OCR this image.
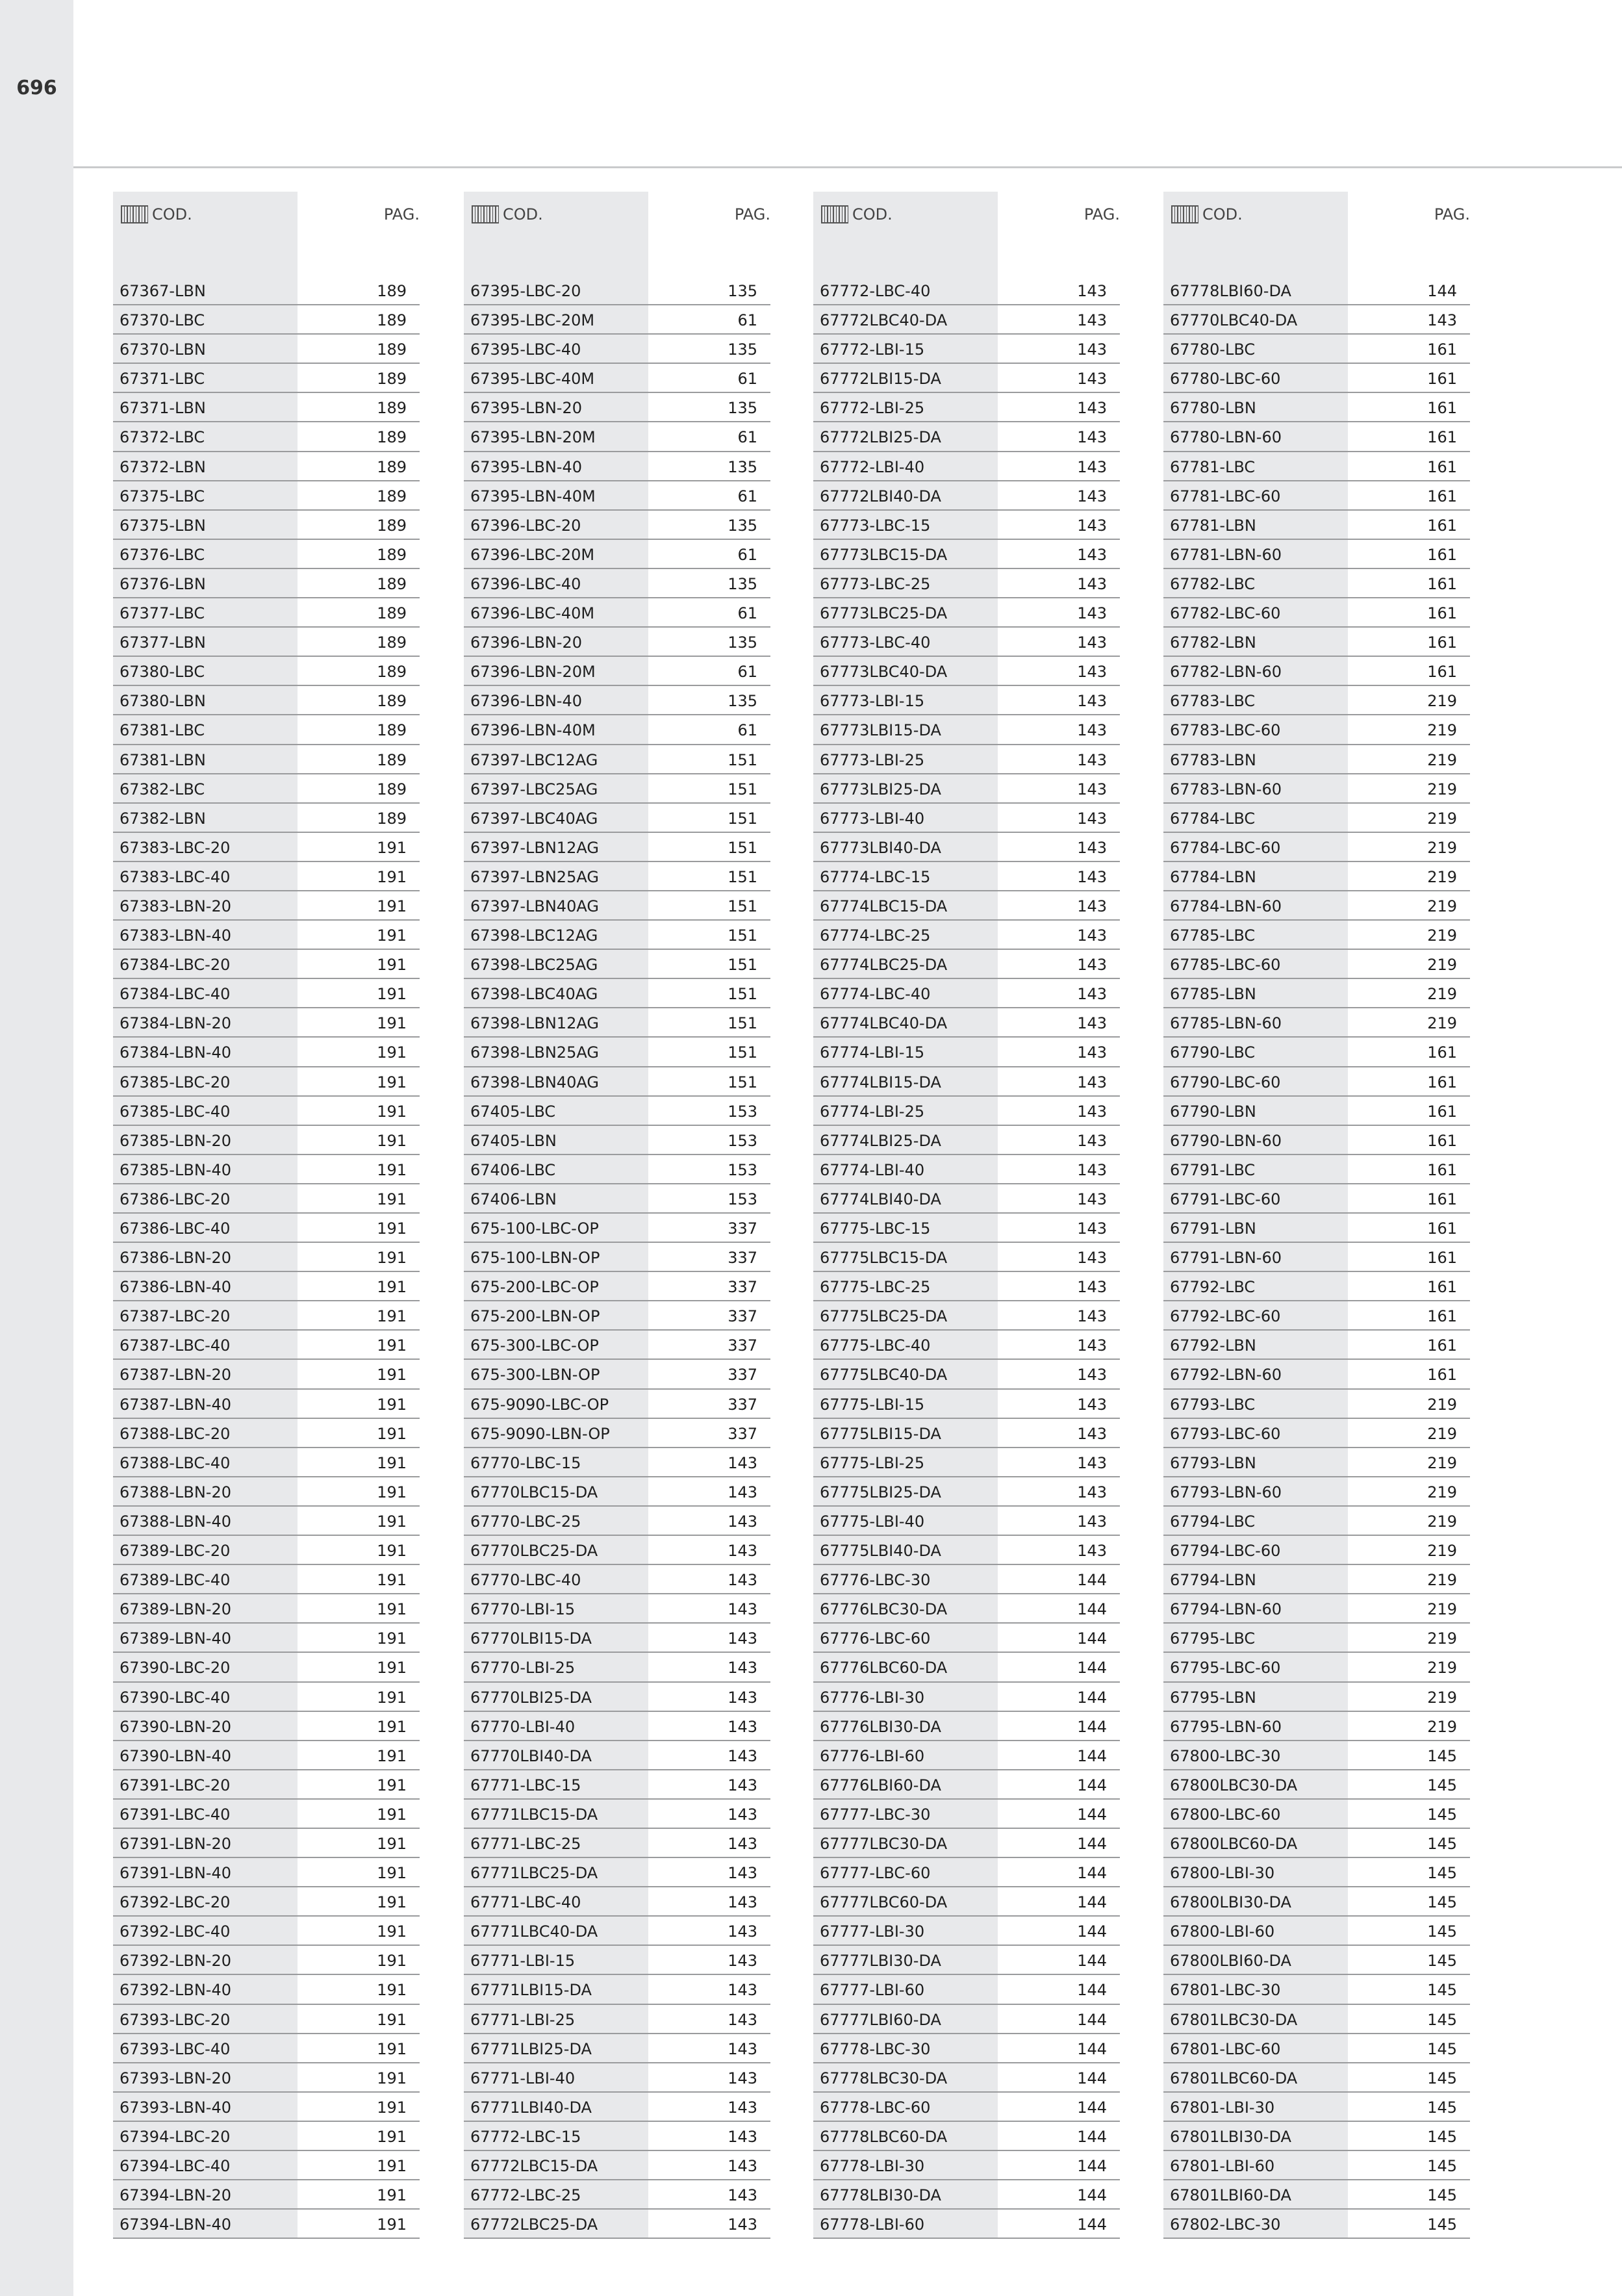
696
COD.	PAG.
67367-LBN	189
67370-LBC	189
67370-LBN	189
67371-LBC	189
67371-LBN	189
67372-LBC	189
67372-LBN	189
67375-LBC	189
67375-LBN	189
67376-LBC	189
67376-LBN	189
67377-LBC	189
67377-LBN	189
67380-LBC	189
67380-LBN	189
67381-LBC	189
67381-LBN	189
67382-LBC	189
67382-LBN	189
67383-LBC-20	191
67383-LBC-40	191
67383-LBN-20	191
67383-LBN-40	191
67384-LBC-20	191
67384-LBC-40	191
67384-LBN-20	191
67384-LBN-40	191
67385-LBC-20	191
67385-LBC-40	191
67385-LBN-20	191
67385-LBN-40	191
67386-LBC-20	191
67386-LBC-40	191
67386-LBN-20	191
67386-LBN-40	191
67387-LBC-20	191
67387-LBC-40	191
67387-LBN-20	191
67387-LBN-40	191
67388-LBC-20	191
67388-LBC-40	191
67388-LBN-20	191
67388-LBN-40	191
67389-LBC-20	191
67389-LBC-40	191
67389-LBN-20	191
67389-LBN-40	191
67390-LBC-20	191
67390-LBC-40	191
67390-LBN-20	191
67390-LBN-40	191
67391-LBC-20	191
67391-LBC-40	191
67391-LBN-20	191
67391-LBN-40	191
67392-LBC-20	191
67392-LBC-40	191
67392-LBN-20	191
67392-LBN-40	191
67393-LBC-20	191
67393-LBC-40	191
67393-LBN-20	191
67393-LBN-40	191
67394-LBC-20	191
67394-LBC-40	191
67394-LBN-20	191
67394-LBN-40	191
COD.	PAG.
67395-LBC-20	135
67395-LBC-20M	61
67395-LBC-40	135
67395-LBC-40M	61
67395-LBN-20	135
67395-LBN-20M	61
67395-LBN-40	135
67395-LBN-40M	61
67396-LBC-20	135
67396-LBC-20M	61
67396-LBC-40	135
67396-LBC-40M	61
67396-LBN-20	135
67396-LBN-20M	61
67396-LBN-40	135
67396-LBN-40M	61
67397-LBC12AG	151
67397-LBC25AG	151
67397-LBC40AG	151
67397-LBN12AG	151
67397-LBN25AG	151
67397-LBN40AG	151
67398-LBC12AG	151
67398-LBC25AG	151
67398-LBC40AG	151
67398-LBN12AG	151
67398-LBN25AG	151
67398-LBN40AG	151
67405-LBC	153
67405-LBN	153
67406-LBC	153
67406-LBN	153
675-100-LBC-OP	337
675-100-LBN-OP	337
675-200-LBC-OP	337
675-200-LBN-OP	337
675-300-LBC-OP	337
675-300-LBN-OP	337
675-9090-LBC-OP	337
675-9090-LBN-OP	337
67770-LBC-15	143
67770LBC15-DA	143
67770-LBC-25	143
67770LBC25-DA	143
67770-LBC-40	143
67770-LBI-15	143
67770LBI15-DA	143
67770-LBI-25	143
67770LBI25-DA	143
67770-LBI-40	143
67770LBI40-DA	143
67771-LBC-15	143
67771LBC15-DA	143
67771-LBC-25	143
67771LBC25-DA	143
67771-LBC-40	143
67771LBC40-DA	143
67771-LBI-15	143
67771LBI15-DA	143
67771-LBI-25	143
67771LBI25-DA	143
67771-LBI-40	143
67771LBI40-DA	143
67772-LBC-15	143
67772LBC15-DA	143
67772-LBC-25	143
67772LBC25-DA	143
COD.	PAG.
67772-LBC-40	143
67772LBC40-DA	143
67772-LBI-15	143
67772LBI15-DA	143
67772-LBI-25	143
67772LBI25-DA	143
67772-LBI-40	143
67772LBI40-DA	143
67773-LBC-15	143
67773LBC15-DA	143
67773-LBC-25	143
67773LBC25-DA	143
67773-LBC-40	143
67773LBC40-DA	143
67773-LBI-15	143
67773LBI15-DA	143
67773-LBI-25	143
67773LBI25-DA	143
67773-LBI-40	143
67773LBI40-DA	143
67774-LBC-15	143
67774LBC15-DA	143
67774-LBC-25	143
67774LBC25-DA	143
67774-LBC-40	143
67774LBC40-DA	143
67774-LBI-15	143
67774LBI15-DA	143
67774-LBI-25	143
67774LBI25-DA	143
67774-LBI-40	143
67774LBI40-DA	143
67775-LBC-15	143
67775LBC15-DA	143
67775-LBC-25	143
67775LBC25-DA	143
67775-LBC-40	143
67775LBC40-DA	143
67775-LBI-15	143
67775LBI15-DA	143
67775-LBI-25	143
67775LBI25-DA	143
67775-LBI-40	143
67775LBI40-DA	143
67776-LBC-30	144
67776LBC30-DA	144
67776-LBC-60	144
67776LBC60-DA	144
67776-LBI-30	144
67776LBI30-DA	144
67776-LBI-60	144
67776LBI60-DA	144
67777-LBC-30	144
67777LBC30-DA	144
67777-LBC-60	144
67777LBC60-DA	144
67777-LBI-30	144
67777LBI30-DA	144
67777-LBI-60	144
67777LBI60-DA	144
67778-LBC-30	144
67778LBC30-DA	144
67778-LBC-60	144
67778LBC60-DA	144
67778-LBI-30	144
67778LBI30-DA	144
67778-LBI-60	144
COD.	PAG.
67778LBI60-DA	144
67770LBC40-DA	143
67780-LBC	161
67780-LBC-60	161
67780-LBN	161
67780-LBN-60	161
67781-LBC	161
67781-LBC-60	161
67781-LBN	161
67781-LBN-60	161
67782-LBC	161
67782-LBC-60	161
67782-LBN	161
67782-LBN-60	161
67783-LBC	219
67783-LBC-60	219
67783-LBN	219
67783-LBN-60	219
67784-LBC	219
67784-LBC-60	219
67784-LBN	219
67784-LBN-60	219
67785-LBC	219
67785-LBC-60	219
67785-LBN	219
67785-LBN-60	219
67790-LBC	161
67790-LBC-60	161
67790-LBN	161
67790-LBN-60	161
67791-LBC	161
67791-LBC-60	161
67791-LBN	161
67791-LBN-60	161
67792-LBC	161
67792-LBC-60	161
67792-LBN	161
67792-LBN-60	161
67793-LBC	219
67793-LBC-60	219
67793-LBN	219
67793-LBN-60	219
67794-LBC	219
67794-LBC-60	219
67794-LBN	219
67794-LBN-60	219
67795-LBC	219
67795-LBC-60	219
67795-LBN	219
67795-LBN-60	219
67800-LBC-30	145
67800LBC30-DA	145
67800-LBC-60	145
67800LBC60-DA	145
67800-LBI-30	145
67800LBI30-DA	145
67800-LBI-60	145
67800LBI60-DA	145
67801-LBC-30	145
67801LBC30-DA	145
67801-LBC-60	145
67801LBC60-DA	145
67801-LBI-30	145
67801LBI30-DA	145
67801-LBI-60	145
67801LBI60-DA	145
67802-LBC-30	145
